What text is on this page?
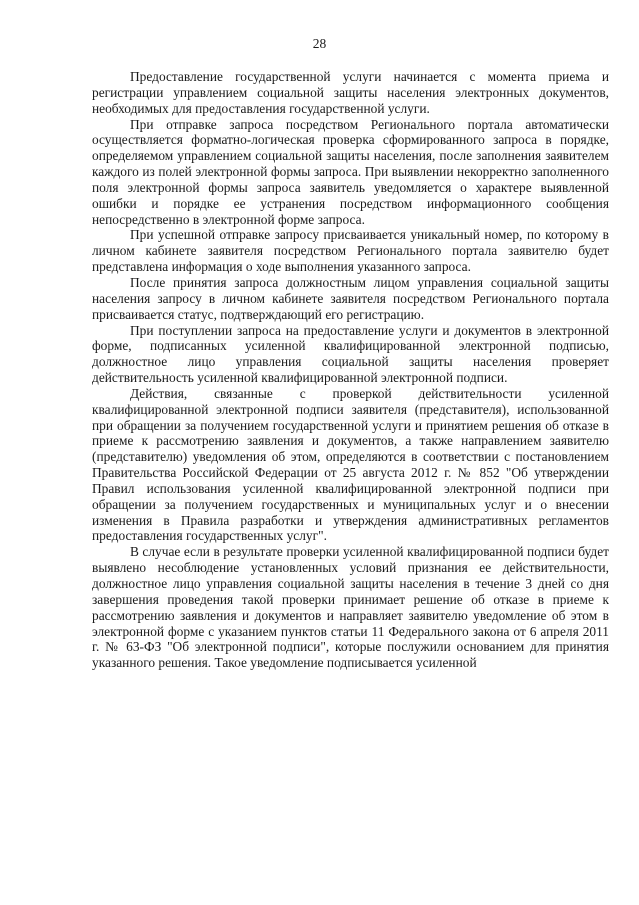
28

Предоставление государственной услуги начинается с момента приема и регистрации управлением социальной защиты населения электронных документов, необходимых для предоставления государственной услуги.

При отправке запроса посредством Регионального портала автоматически осуществляется форматно-логическая проверка сформированного запроса в порядке, определяемом управлением социальной защиты населения, после заполнения заявителем каждого из полей электронной формы запроса. При выявлении некорректно заполненного поля электронной формы запроса заявитель уведомляется о характере выявленной ошибки и порядке ее устранения посредством информационного сообщения непосредственно в электронной форме запроса.

При успешной отправке запросу присваивается уникальный номер, по которому в личном кабинете заявителя посредством Регионального портала заявителю будет представлена информация о ходе выполнения указанного запроса.

После принятия запроса должностным лицом управления социальной защиты населения запросу в личном кабинете заявителя посредством Регионального портала присваивается статус, подтверждающий его регистрацию.

При поступлении запроса на предоставление услуги и документов в электронной форме, подписанных усиленной квалифицированной электронной подписью, должностное лицо управления социальной защиты населения проверяет действительность усиленной квалифицированной электронной подписи.

Действия, связанные с проверкой действительности усиленной квалифицированной электронной подписи заявителя (представителя), использованной при обращении за получением государственной услуги и принятием решения об отказе в приеме к рассмотрению заявления и документов, а также направлением заявителю (представителю) уведомления об этом, определяются в соответствии с постановлением Правительства Российской Федерации от 25 августа 2012 г. № 852 "Об утверждении Правил использования усиленной квалифицированной электронной подписи при обращении за получением государственных и муниципальных услуг и о внесении изменения в Правила разработки и утверждения административных регламентов предоставления государственных услуг".

В случае если в результате проверки усиленной квалифицированной подписи будет выявлено несоблюдение установленных условий признания ее действительности, должностное лицо управления социальной защиты населения в течение 3 дней со дня завершения проведения такой проверки принимает решение об отказе в приеме к рассмотрению заявления и документов и направляет заявителю уведомление об этом в электронной форме с указанием пунктов статьи 11 Федерального закона от 6 апреля 2011 г. № 63-ФЗ "Об электронной подписи", которые послужили основанием для принятия указанного решения. Такое уведомление подписывается усиленной
